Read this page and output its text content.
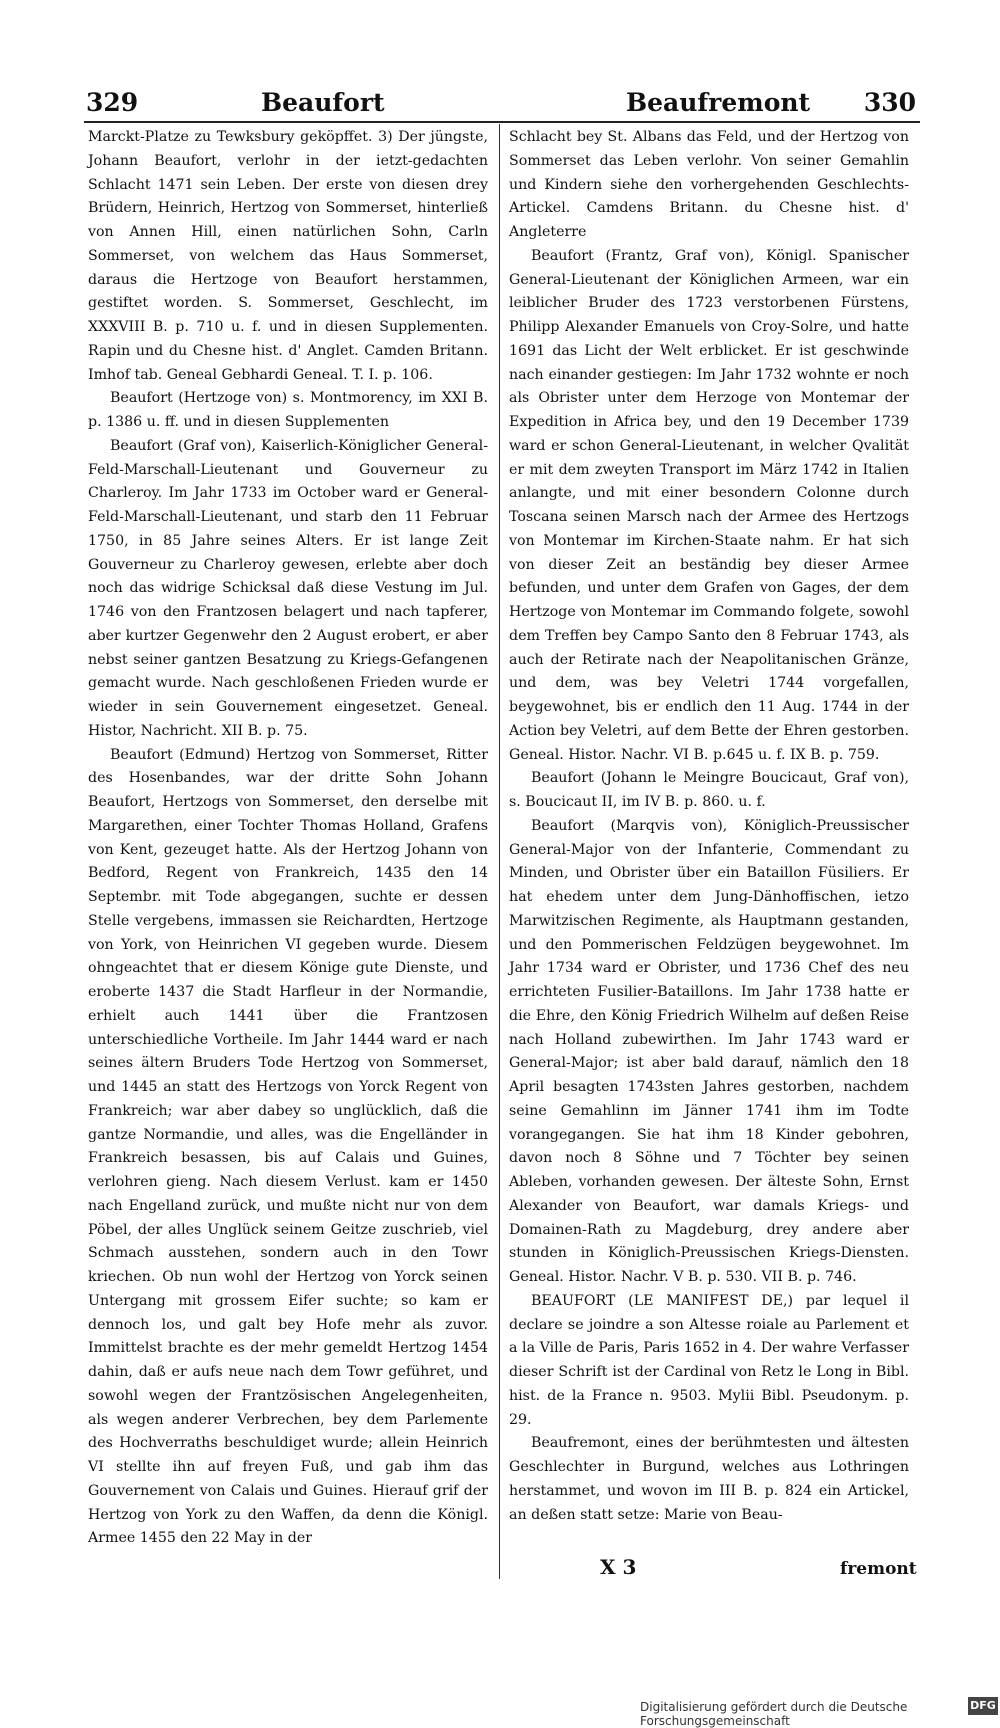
329	Beaufort	Beaufremont 330

Marckt-Platze zu Tewksbury geköpffet. 3) Der jüngste, Johann Beaufort, verlohr in der ietzt-gedachten Schlacht 1471 sein Leben. Der erste von diesen drey Brüdern, Heinrich, Hertzog von Sommerset, hinterließ von Annen Hill, einen natürlichen Sohn, Carln Sommerset, von welchem das Haus Sommerset, daraus die Hertzoge von Beaufort herstammen, gestiftet worden. S. Sommerset, Geschlecht, im XXXVIII B. p. 710 u. f. und in diesen Supplementen. Rapin und du Chesne hist. d' Anglet. Camden Britann. Imhof tab. Geneal Gebhardi Geneal. T. I. p. 106.

Beaufort (Hertzoge von) s. Montmorency, im XXI B. p. 1386 u. ff. und in diesen Supplementen

Beaufort (Graf von), Kaiserlich-Königlicher General-Feld-Marschall-Lieutenant und Gouverneur zu Charleroy. Im Jahr 1733 im October ward er General-Feld-Marschall-Lieutenant, und starb den 11 Februar 1750, in 85 Jahre seines Alters. Er ist lange Zeit Gouverneur zu Charleroy gewesen, erlebte aber doch noch das widrige Schicksal daß diese Vestung im Jul. 1746 von den Frantzosen belagert und nach tapferer, aber kurtzer Gegenwehr den 2 August erobert, er aber nebst seiner gantzen Besatzung zu Kriegs-Gefangenen gemacht wurde. Nach geschloßenen Frieden wurde er wieder in sein Gouvernement eingesetzet. Geneal. Histor, Nachricht. XII B. p. 75.

Beaufort (Edmund) Hertzog von Sommerset, Ritter des Hosenbandes, war der dritte Sohn Johann Beaufort, Hertzogs von Sommerset, den derselbe mit Margarethen, einer Tochter Thomas Holland, Grafens von Kent, gezeuget hatte. Als der Hertzog Johann von Bedford, Regent von Frankreich, 1435 den 14 Septembr. mit Tode abgegangen, suchte er dessen Stelle vergebens, immassen sie Reichardten, Hertzoge von York, von Heinrichen VI gegeben wurde. Diesem ohngeachtet that er diesem Könige gute Dienste, und eroberte 1437 die Stadt Harfleur in der Normandie, erhielt auch 1441 über die Frantzosen unterschiedliche Vortheile. Im Jahr 1444 ward er nach seines ältern Bruders Tode Hertzog von Sommerset, und 1445 an statt des Hertzogs von Yorck Regent von Frankreich; war aber dabey so unglücklich, daß die gantze Normandie, und alles, was die Engelländer in Frankreich besassen, bis auf Calais und Guines, verlohren gieng. Nach diesem Verlust. kam er 1450 nach Engelland zurück, und mußte nicht nur von dem Pöbel, der alles Unglück seinem Geitze zuschrieb, viel Schmach ausstehen, sondern auch in den Towr kriechen. Ob nun wohl der Hertzog von Yorck seinen Untergang mit grossem Eifer suchte; so kam er dennoch los, und galt bey Hofe mehr als zuvor. Immittelst brachte es der mehr gemeldt Hertzog 1454 dahin, daß er aufs neue nach dem Towr geführet, und sowohl wegen der Frantzösischen Angelegenheiten, als wegen anderer Verbrechen, bey dem Parlemente des Hochverraths beschuldiget wurde; allein Heinrich VI stellte ihn auf freyen Fuß, und gab ihm das Gouvernement von Calais und Guines. Hierauf grif der Hertzog von York zu den Waffen, da denn die Königl. Armee 1455 den 22 May in der

Schlacht bey St. Albans das Feld, und der Hertzog von Sommerset das Leben verlohr. Von seiner Gemahlin und Kindern siehe den vorhergehenden Geschlechts-Artickel. Camdens Britann. du Chesne hist. d' Angleterre

Beaufort (Frantz, Graf von), Königl. Spanischer General-Lieutenant der Königlichen Armeen, war ein leiblicher Bruder des 1723 verstorbenen Fürstens, Philipp Alexander Emanuels von Croy-Solre, und hatte 1691 das Licht der Welt erblicket. Er ist geschwinde nach einander gestiegen: Im Jahr 1732 wohnte er noch als Obrister unter dem Herzoge von Montemar der Expedition in Africa bey, und den 19 December 1739 ward er schon General-Lieutenant, in welcher Qvalität er mit dem zweyten Transport im März 1742 in Italien anlangte, und mit einer besondern Colonne durch Toscana seinen Marsch nach der Armee des Hertzogs von Montemar im Kirchen-Staate nahm. Er hat sich von dieser Zeit an beständig bey dieser Armee befunden, und unter dem Grafen von Gages, der dem Hertzoge von Montemar im Commando folgete, sowohl dem Treffen bey Campo Santo den 8 Februar 1743, als auch der Retirate nach der Neapolitanischen Gränze, und dem, was bey Veletri 1744 vorgefallen, beygewohnet, bis er endlich den 11 Aug. 1744 in der Action bey Veletri, auf dem Bette der Ehren gestorben. Geneal. Histor. Nachr. VI B. p.645 u. f. IX B. p. 759.

Beaufort (Johann le Meingre Boucicaut, Graf von), s. Boucicaut II, im IV B. p. 860. u. f.

Beaufort (Marqvis von), Königlich-Preussischer General-Major von der Infanterie, Commendant zu Minden, und Obrister über ein Bataillon Füsiliers. Er hat ehedem unter dem Jung-Dänhoffischen, ietzo Marwitzischen Regimente, als Hauptmann gestanden, und den Pommerischen Feldzügen beygewohnet. Im Jahr 1734 ward er Obrister, und 1736 Chef des neu errichteten Fusilier-Bataillons. Im Jahr 1738 hatte er die Ehre, den König Friedrich Wilhelm auf deßen Reise nach Holland zubewirthen. Im Jahr 1743 ward er General-Major; ist aber bald darauf, nämlich den 18 April besagten 1743sten Jahres gestorben, nachdem seine Gemahlinn im Jänner 1741 ihm im Todte vorangegangen. Sie hat ihm 18 Kinder gebohren, davon noch 8 Söhne und 7 Töchter bey seinen Ableben, vorhanden gewesen. Der älteste Sohn, Ernst Alexander von Beaufort, war damals Kriegs- und Domainen-Rath zu Magdeburg, drey andere aber stunden in Königlich-Preussischen Kriegs-Diensten. Geneal. Histor. Nachr. V B. p. 530. VII B. p. 746.

BEAUFORT (LE MANIFEST DE,) par lequel il declare se joindre a son Altesse roiale au Parlement et a la Ville de Paris, Paris 1652 in 4. Der wahre Verfasser dieser Schrift ist der Cardinal von Retz le Long in Bibl. hist. de la France n. 9503. Mylii Bibl. Pseudonym. p. 29.

Beaufremont, eines der berühmtesten und ältesten Geschlechter in Burgund, welches aus Lothringen herstammet, und wovon im III B. p. 824 ein Artickel, an deßen statt setze: Marie von Beau-

X 3	fremont
Digitalisierung gefördert durch die Deutsche Forschungsgemeinschaft
DFG
